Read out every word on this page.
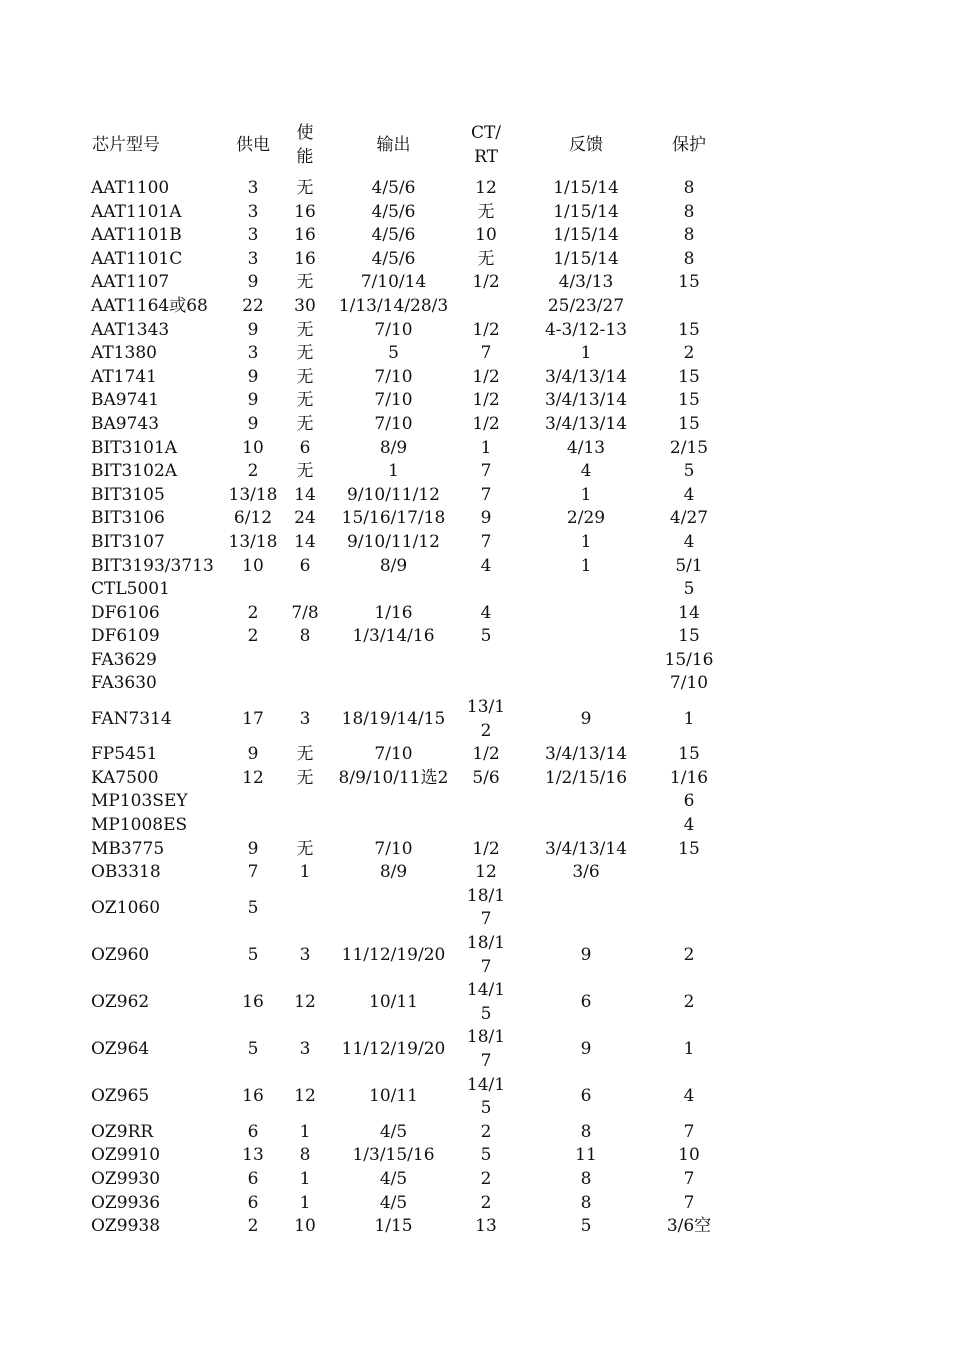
芯片型号	供电	使能	输出	CT/RT	反馈	保护
AAT1100	3	无	4/5/6	12	1/15/14	8
AAT1101A	3	16	4/5/6	无	1/15/14	8
AAT1101B	3	16	4/5/6	10	1/15/14	8
AAT1101C	3	16	4/5/6	无	1/15/14	8
AAT1107	9	无	7/10/14	1/2	4/3/13	15
AAT1164或68	22	30	1/13/14/28/3		25/23/27	
AAT1343	9	无	7/10	1/2	4-3/12-13	15
AT1380	3	无	5	7	1	2
AT1741	9	无	7/10	1/2	3/4/13/14	15
BA9741	9	无	7/10	1/2	3/4/13/14	15
BA9743	9	无	7/10	1/2	3/4/13/14	15
BIT3101A	10	6	8/9	1	4/13	2/15
BIT3102A	2	无	1	7	4	5
BIT3105	13/18	14	9/10/11/12	7	1	4
BIT3106	6/12	24	15/16/17/18	9	2/29	4/27
BIT3107	13/18	14	9/10/11/12	7	1	4
BIT3193/3713	10	6	8/9	4	1	5/1
CTL5001						5
DF6106	2	7/8	1/16	4		14
DF6109	2	8	1/3/14/16	5		15
FA3629						15/16
FA3630						7/10
FAN7314	17	3	18/19/14/15	13/12	9	1
FP5451	9	无	7/10	1/2	3/4/13/14	15
KA7500	12	无	8/9/10/11选2	5/6	1/2/15/16	1/16
MP103SEY						6
MP1008ES						4
MB3775	9	无	7/10	1/2	3/4/13/14	15
OB3318	7	1	8/9	12	3/6	
OZ1060	5			18/17		
OZ960	5	3	11/12/19/20	18/17	9	2
OZ962	16	12	10/11	14/15	6	2
OZ964	5	3	11/12/19/20	18/17	9	1
OZ965	16	12	10/11	14/15	6	4
OZ9RR	6	1	4/5	2	8	7
OZ9910	13	8	1/3/15/16	5	11	10
OZ9930	6	1	4/5	2	8	7
OZ9936	6	1	4/5	2	8	7
OZ9938	2	10	1/15	13	5	3/6空
